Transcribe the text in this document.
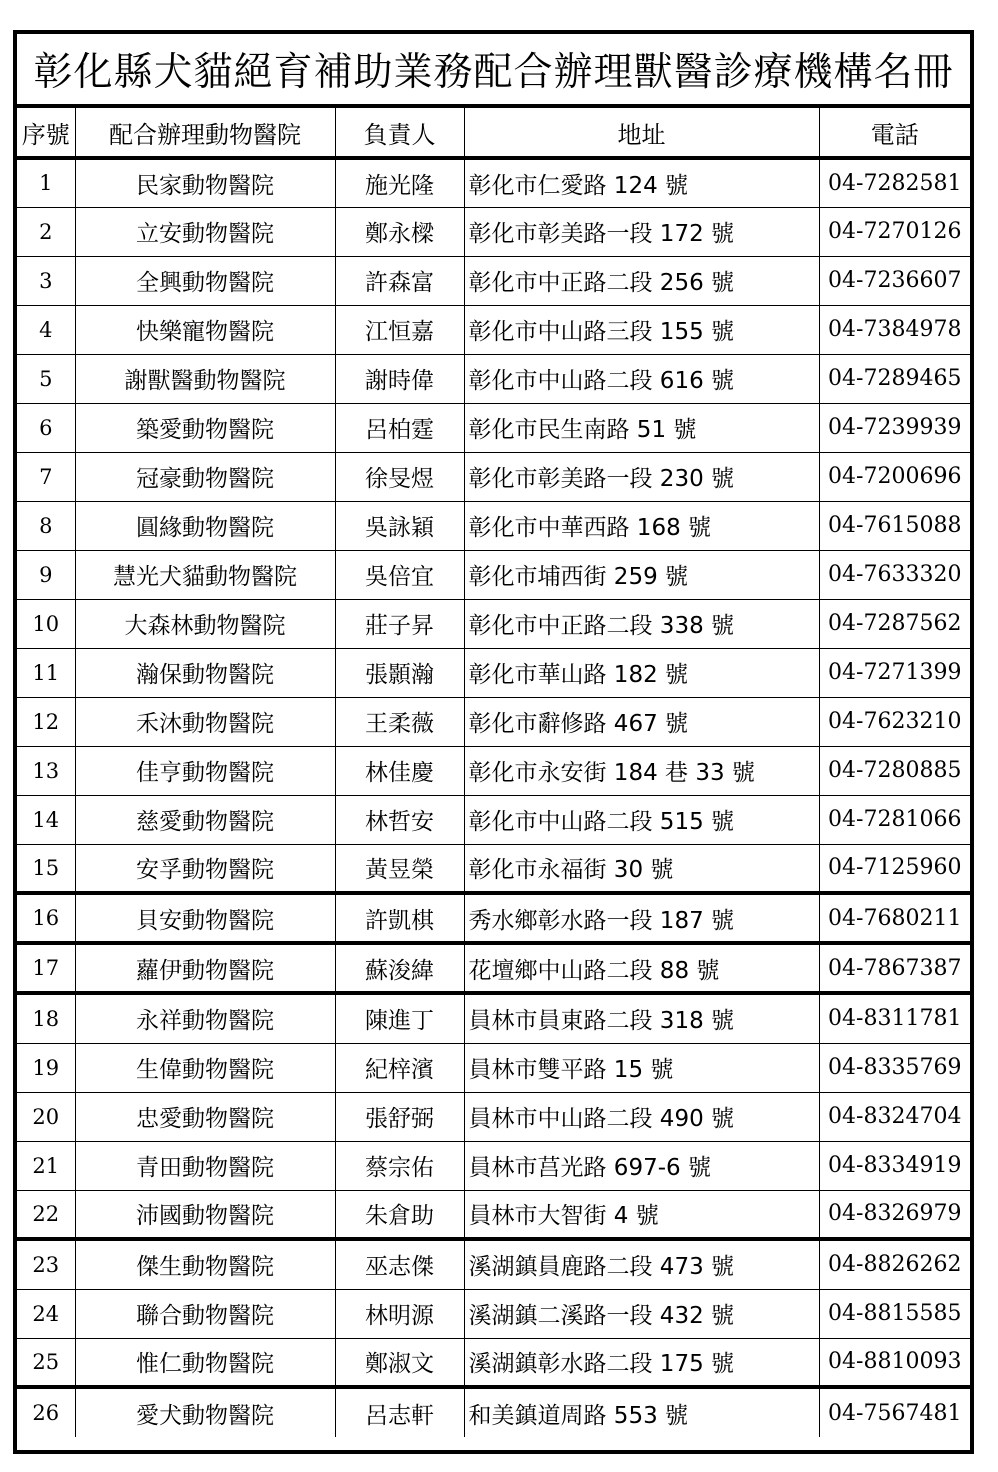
彰化縣犬貓絕育補助業務配合辦理獸醫診療機構名冊
序號	配合辦理動物醫院	負責人	地址	電話
1	民家動物醫院	施光隆	彰化市仁愛路 124 號	04-7282581
2	立安動物醫院	鄭永樑	彰化市彰美路一段 172 號	04-7270126
3	全興動物醫院	許森富	彰化市中正路二段 256 號	04-7236607
4	快樂寵物醫院	江恒嘉	彰化市中山路三段 155 號	04-7384978
5	謝獸醫動物醫院	謝時偉	彰化市中山路二段 616 號	04-7289465
6	築愛動物醫院	呂柏霆	彰化市民生南路 51 號	04-7239939
7	冠豪動物醫院	徐旻煜	彰化市彰美路一段 230 號	04-7200696
8	圓緣動物醫院	吳詠穎	彰化市中華西路 168 號	04-7615088
9	慧光犬貓動物醫院	吳倍宜	彰化市埔西街 259 號	04-7633320
10	大森林動物醫院	莊子昇	彰化市中正路二段 338 號	04-7287562
11	瀚保動物醫院	張顥瀚	彰化市華山路 182 號	04-7271399
12	禾沐動物醫院	王柔薇	彰化市辭修路 467 號	04-7623210
13	佳亨動物醫院	林佳慶	彰化市永安街 184 巷 33 號	04-7280885
14	慈愛動物醫院	林哲安	彰化市中山路二段 515 號	04-7281066
15	安孚動物醫院	黃昱榮	彰化市永福街 30 號	04-7125960
16	貝安動物醫院	許凱棋	秀水鄉彰水路一段 187 號	04-7680211
17	蘿伊動物醫院	蘇浚緯	花壇鄉中山路二段 88 號	04-7867387
18	永祥動物醫院	陳進丁	員林市員東路二段 318 號	04-8311781
19	生偉動物醫院	紀梓濱	員林市雙平路 15 號	04-8335769
20	忠愛動物醫院	張舒弼	員林市中山路二段 490 號	04-8324704
21	青田動物醫院	蔡宗佑	員林市莒光路 697-6 號	04-8334919
22	沛國動物醫院	朱倉助	員林市大智街 4 號	04-8326979
23	傑生動物醫院	巫志傑	溪湖鎮員鹿路二段 473 號	04-8826262
24	聯合動物醫院	林明源	溪湖鎮二溪路一段 432 號	04-8815585
25	惟仁動物醫院	鄭淑文	溪湖鎮彰水路二段 175 號	04-8810093
26	愛犬動物醫院	呂志軒	和美鎮道周路 553 號	04-7567481
